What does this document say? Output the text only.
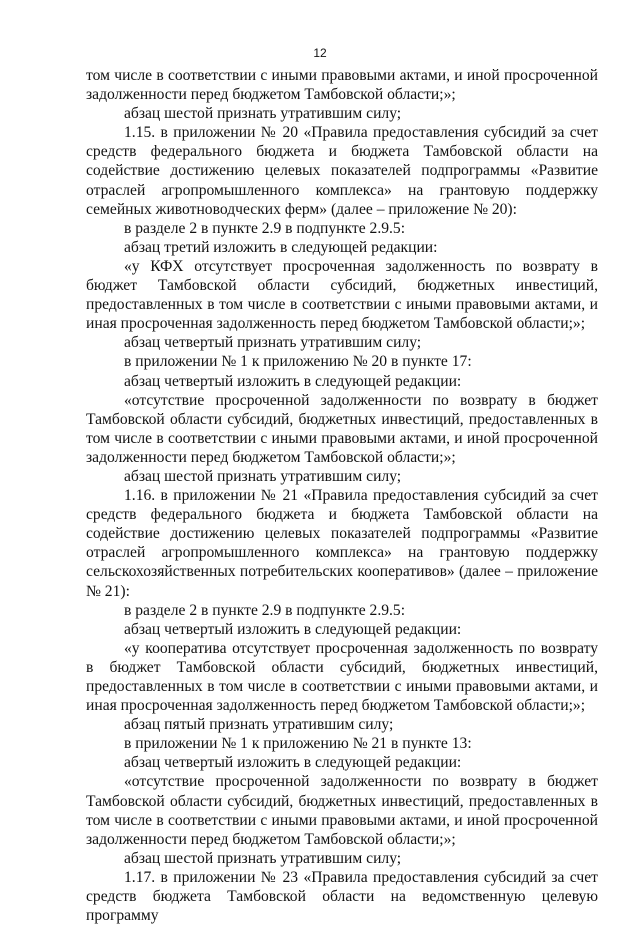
12

том числе в соответствии с иными правовыми актами, и иной просроченной задолженности перед бюджетом Тамбовской области;»;

абзац шестой признать утратившим силу;

1.15. в приложении № 20 «Правила предоставления субсидий за счет средств федерального бюджета и бюджета Тамбовской области на содействие достижению целевых показателей подпрограммы «Развитие отраслей агропромышленного комплекса» на грантовую поддержку семейных животноводческих ферм» (далее – приложение № 20):

в разделе 2 в пункте 2.9 в подпункте 2.9.5:

абзац третий изложить в следующей редакции:

«у КФХ отсутствует просроченная задолженность по возврату в бюджет Тамбовской области субсидий, бюджетных инвестиций, предоставленных в том числе в соответствии с иными правовыми актами, и иная просроченная задолженность перед бюджетом Тамбовской области;»;

абзац четвертый признать утратившим силу;

в приложении № 1 к приложению № 20 в пункте 17:

абзац четвертый изложить в следующей редакции:

«отсутствие просроченной задолженности по возврату в бюджет Тамбовской области субсидий, бюджетных инвестиций, предоставленных в том числе в соответствии с иными правовыми актами, и иной просроченной задолженности перед бюджетом Тамбовской области;»;

абзац шестой признать утратившим силу;

1.16. в приложении № 21 «Правила предоставления субсидий за счет средств федерального бюджета и бюджета Тамбовской области на содействие достижению целевых показателей подпрограммы «Развитие отраслей агропромышленного комплекса» на грантовую поддержку сельскохозяйственных потребительских кооперативов» (далее – приложение № 21):

в разделе 2 в пункте 2.9 в подпункте 2.9.5:

абзац четвертый изложить в следующей редакции:

«у кооператива отсутствует просроченная задолженность по возврату в бюджет Тамбовской области субсидий, бюджетных инвестиций, предоставленных в том числе в соответствии с иными правовыми актами, и иная просроченная задолженность перед бюджетом Тамбовской области;»;

абзац пятый признать утратившим силу;

в приложении № 1 к приложению № 21 в пункте 13:

абзац четвертый изложить в следующей редакции:

«отсутствие просроченной задолженности по возврату в бюджет Тамбовской области субсидий, бюджетных инвестиций, предоставленных в том числе в соответствии с иными правовыми актами, и иной просроченной задолженности перед бюджетом Тамбовской области;»;

абзац шестой признать утратившим силу;

1.17. в приложении № 23 «Правила предоставления субсидий за счет средств бюджета Тамбовской области на ведомственную целевую программу
